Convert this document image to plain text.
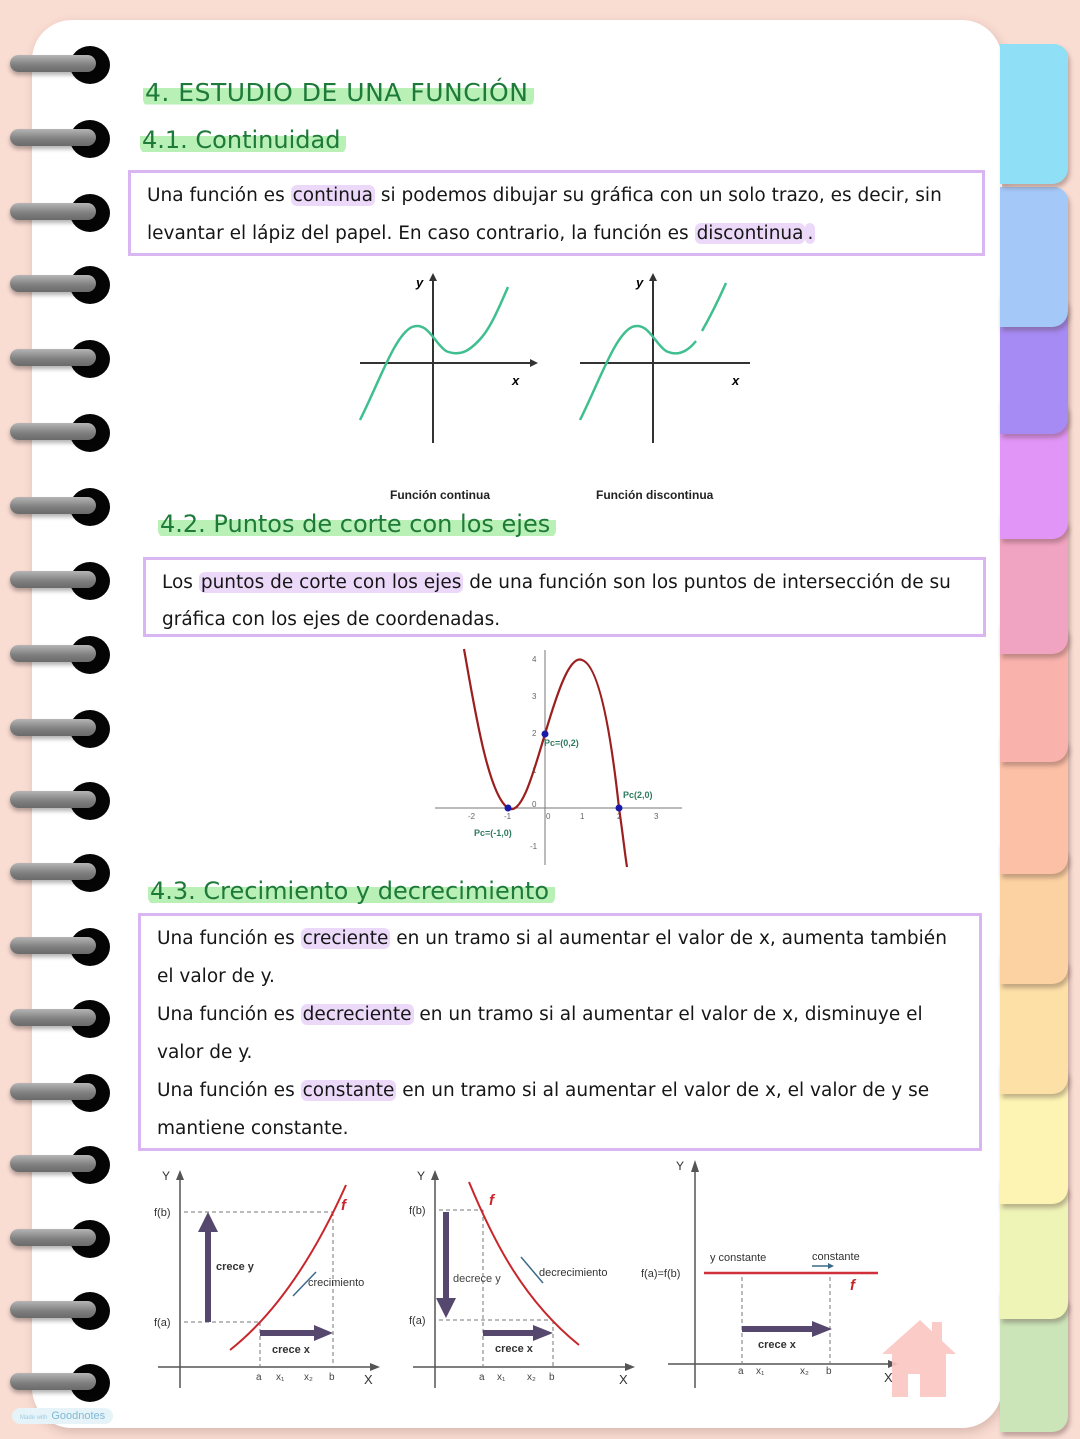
4. ESTUDIO DE UNA FUNCIÓN
4.1. Continuidad
Una función es continua si podemos dibujar su gráfica con un solo trazo, es decir, sin levantar el lápiz del papel. En caso contrario, la función es discontinua .
y
x
y
x
Función continua	Función discontinua
4.2. Puntos de corte con los ejes
Los puntos de corte con los ejes de una función son los puntos de intersección de su gráfica con los ejes de coordenadas.
-2	-1	0	1	2	3
4
3
2
1
0
-1
Pc=(-1,0)
Pc=(0,2)
Pc(2,0)
4.3. Crecimiento y decrecimiento
Una función es creciente en un tramo si al aumentar el valor de x, aumenta también el valor de y.
Una función es decreciente en un tramo si al aumentar el valor de x, disminuye el valor de y.
Una función es constante en un tramo si al aumentar el valor de x, el valor de y se mantiene constante.
Y
X
f(b)
f(a)
f
crece y
crece x
crecimiento
a x₁ x₂ b
Y
X
f(b)
f(a)
f
decrece y
crece x
decrecimiento
a x₁ x₂ b
Y
X
f(a)=f(b)
y constante	constante
f
crece x
a x₁	x₂ b
Made with Goodnotes
